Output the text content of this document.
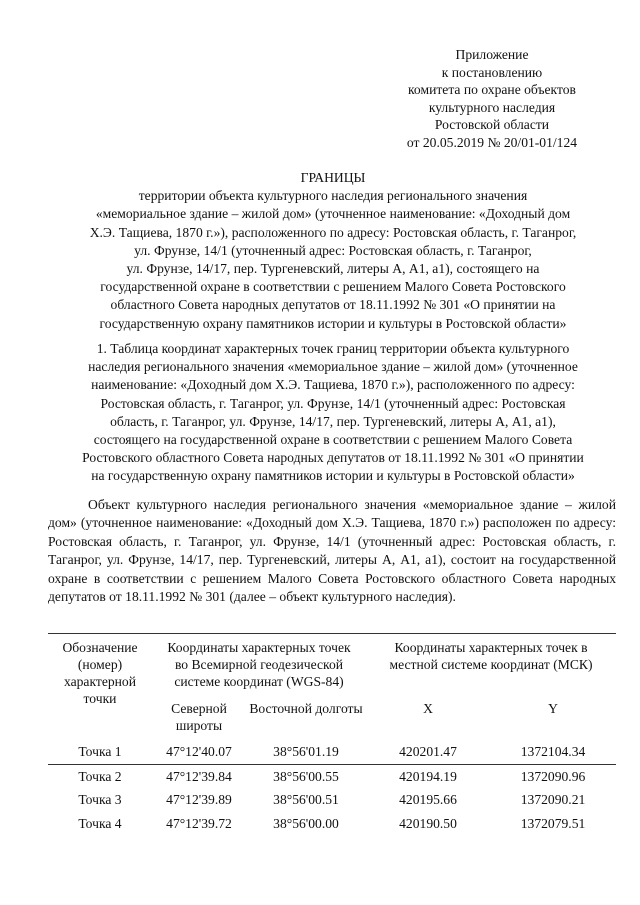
Приложение
к постановлению
комитета по охране объектов
культурного наследия
Ростовской области
от 20.05.2019 № 20/01-01/124
ГРАНИЦЫ
территории объекта культурного наследия регионального значения
«мемориальное здание – жилой дом» (уточненное наименование: «Доходный дом
Х.Э. Тащиева, 1870 г.»), расположенного по адресу: Ростовская область, г. Таганрог,
ул. Фрунзе, 14/1 (уточненный адрес: Ростовская область, г. Таганрог,
ул. Фрунзе, 14/17, пер. Тургеневский, литеры А, А1, а1), состоящего на
государственной охране в соответствии с решением Малого Совета Ростовского
областного Совета народных депутатов от 18.11.1992 № 301 «О принятии на
государственную охрану памятников истории и культуры в Ростовской области»
1. Таблица координат характерных точек границ территории объекта культурного
наследия регионального значения «мемориальное здание – жилой дом» (уточненное
наименование: «Доходный дом Х.Э. Тащиева, 1870 г.»), расположенного по адресу:
Ростовская область, г. Таганрог, ул. Фрунзе, 14/1 (уточненный адрес: Ростовская
область, г. Таганрог, ул. Фрунзе, 14/17, пер. Тургеневский, литеры А, А1, а1),
состоящего на государственной охране в соответствии с решением Малого Совета
Ростовского областного Совета народных депутатов от 18.11.1992 № 301 «О принятии
на государственную охрану памятников истории и культуры в Ростовской области»
Объект культурного наследия регионального значения «мемориальное здание – жилой дом» (уточненное наименование: «Доходный дом Х.Э. Тащиева, 1870 г.») расположен по адресу: Ростовская область, г. Таганрог, ул. Фрунзе, 14/1 (уточненный адрес: Ростовская область, г. Таганрог, ул. Фрунзе, 14/17, пер. Тургеневский, литеры А, А1, а1), состоит на государственной охране в соответствии с решением Малого Совета Ростовского областного Совета народных депутатов от 18.11.1992 № 301 (далее – объект культурного наследия).
Обозначение (номер) характерной точки	Координаты характерных точек во Всемирной геодезической системе координат (WGS-84)		Координаты характерных точек в местной системе координат (МСК)	
	Северной широты	Восточной долготы	X	Y
Точка 1	47°12'40.07	38°56'01.19	420201.47	1372104.34
Точка 2	47°12'39.84	38°56'00.55	420194.19	1372090.96
Точка 3	47°12'39.89	38°56'00.51	420195.66	1372090.21
Точка 4	47°12'39.72	38°56'00.00	420190.50	1372079.51
